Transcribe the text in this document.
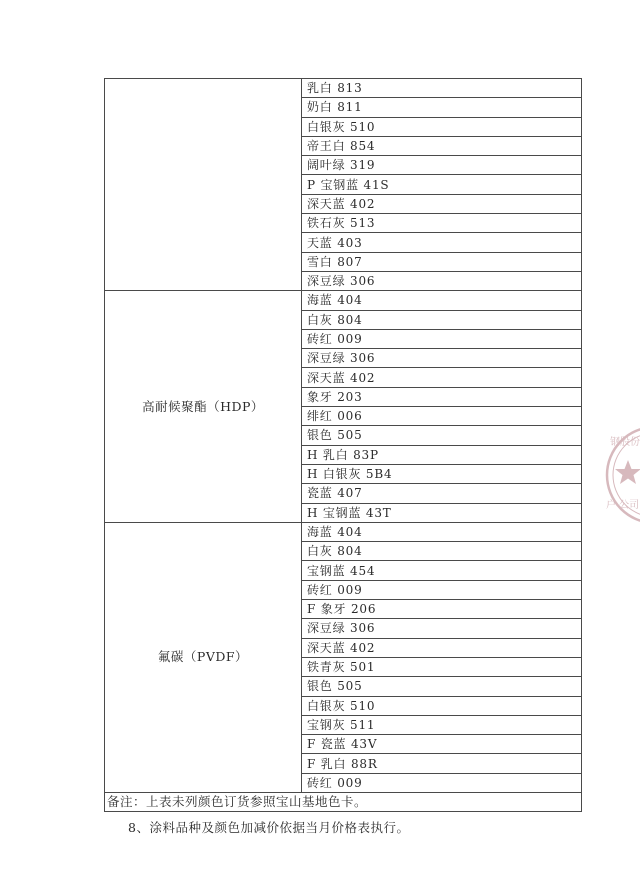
	乳白 813
	奶白 811
	白银灰 510
	帝王白 854
	阔叶绿 319
	P 宝钢蓝 41S
	深天蓝 402
	铁石灰 513
	天蓝 403
	雪白 807
	深豆绿 306
高耐候聚酯（HDP）	海蓝 404
	白灰 804
	砖红 009
	深豆绿 306
	深天蓝 402
	象牙 203
	绯红 006
	银色 505
	H 乳白 83P
	H 白银灰 5B4
	瓷蓝 407
	H 宝钢蓝 43T
氟碳（PVDF）	海蓝 404
	白灰 804
	宝钢蓝 454
	砖红 009
	F 象牙 206
	深豆绿 306
	深天蓝 402
	铁青灰 501
	银色 505
	白银灰 510
	宝钢灰 511
	F 瓷蓝 43V
	F 乳白 88R
	砖红 009
备注：上表未列颜色订货参照宝山基地色卡。	
8、涂料品种及颜色加减价依据当月价格表执行。
钢股份
户 公司
